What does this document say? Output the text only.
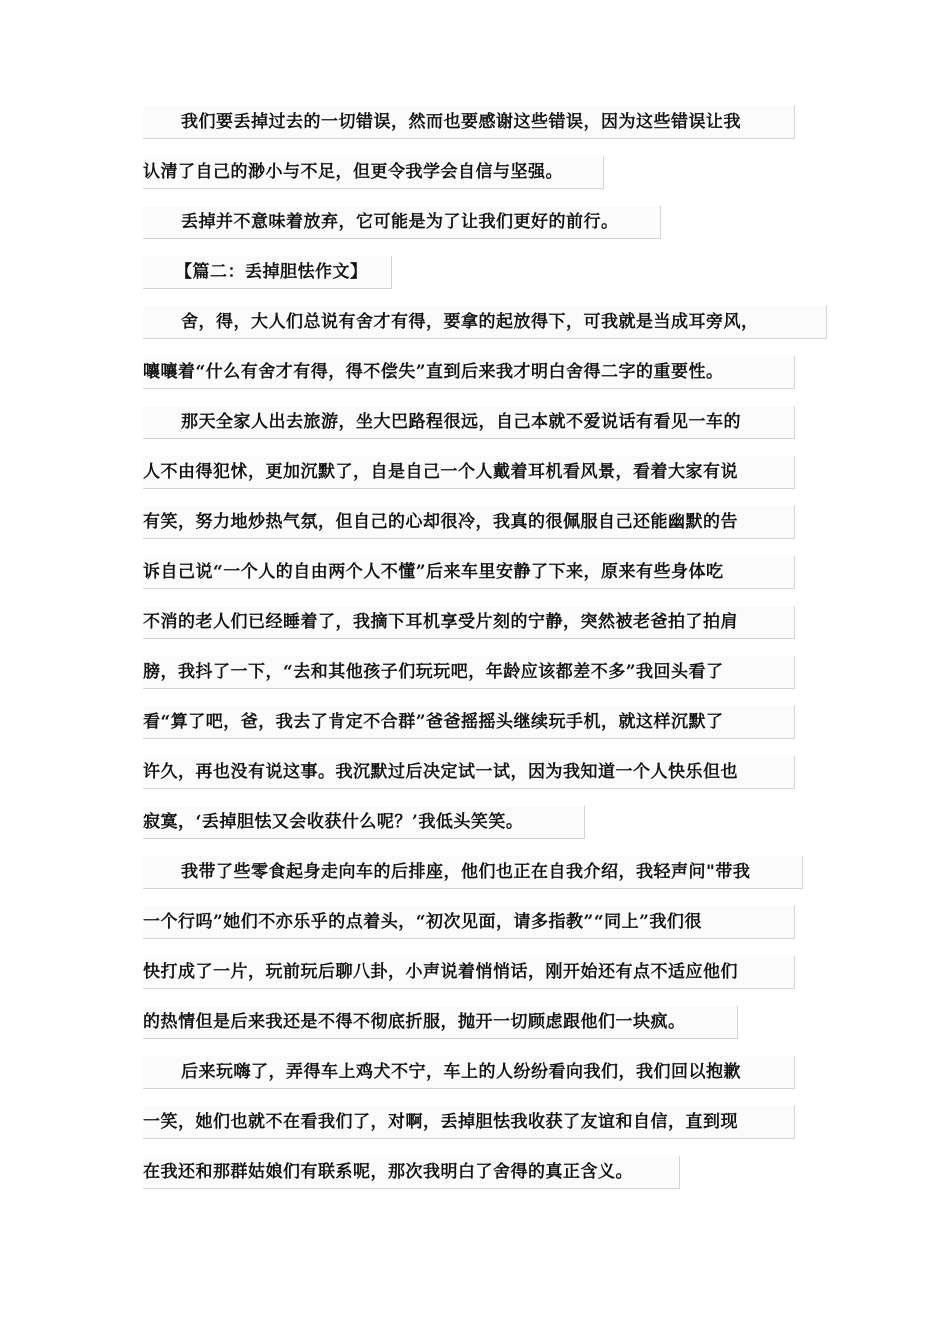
我们要丢掉过去的一切错误，然而也要感谢这些错误，因为这些错误让我
认清了自己的渺小与不足，但更令我学会自信与坚强。
丢掉并不意味着放弃，它可能是为了让我们更好的前行。
【篇二：丢掉胆怯作文】
舍，得，大人们总说有舍才有得，要拿的起放得下，可我就是当成耳旁风，
嚷嚷着“什么有舍才有得，得不偿失”直到后来我才明白舍得二字的重要性。
那天全家人出去旅游，坐大巴路程很远，自己本就不爱说话有看见一车的
人不由得犯怵，更加沉默了，自是自己一个人戴着耳机看风景，看着大家有说
有笑，努力地炒热气氛，但自己的心却很冷，我真的很佩服自己还能幽默的告
诉自己说“一个人的自由两个人不懂”后来车里安静了下来，原来有些身体吃
不消的老人们已经睡着了，我摘下耳机享受片刻的宁静，突然被老爸拍了拍肩
膀，我抖了一下，“去和其他孩子们玩玩吧，年龄应该都差不多”我回头看了
看“算了吧，爸，我去了肯定不合群”爸爸摇摇头继续玩手机，就这样沉默了
许久，再也没有说这事。我沉默过后决定试一试，因为我知道一个人快乐但也
寂寞，‘丢掉胆怯又会收获什么呢？’我低头笑笑。
我带了些零食起身走向车的后排座，他们也正在自我介绍，我轻声问"带我
一个行吗”她们不亦乐乎的点着头，“初次见面，请多指教”“同上”我们很
快打成了一片，玩前玩后聊八卦，小声说着悄悄话，刚开始还有点不适应他们
的热情但是后来我还是不得不彻底折服，抛开一切顾虑跟他们一块疯。
后来玩嗨了，弄得车上鸡犬不宁，车上的人纷纷看向我们，我们回以抱歉
一笑，她们也就不在看我们了，对啊，丢掉胆怯我收获了友谊和自信，直到现
在我还和那群姑娘们有联系呢，那次我明白了舍得的真正含义。
